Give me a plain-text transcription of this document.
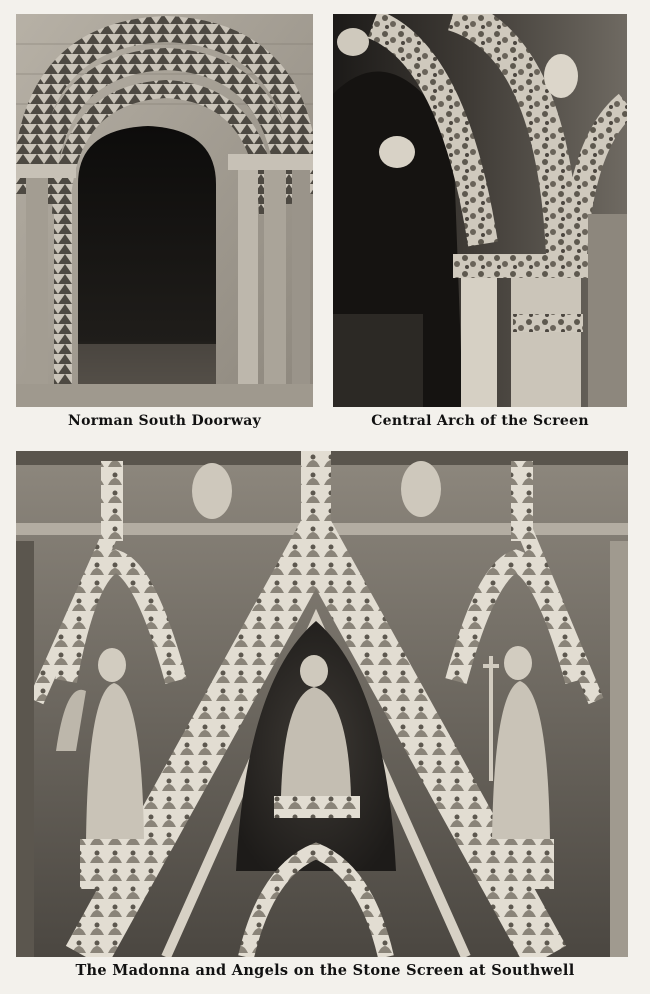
Norman South Doorway	Central Arch of the Screen
The Madonna and Angels on the Stone Screen at Southwell
